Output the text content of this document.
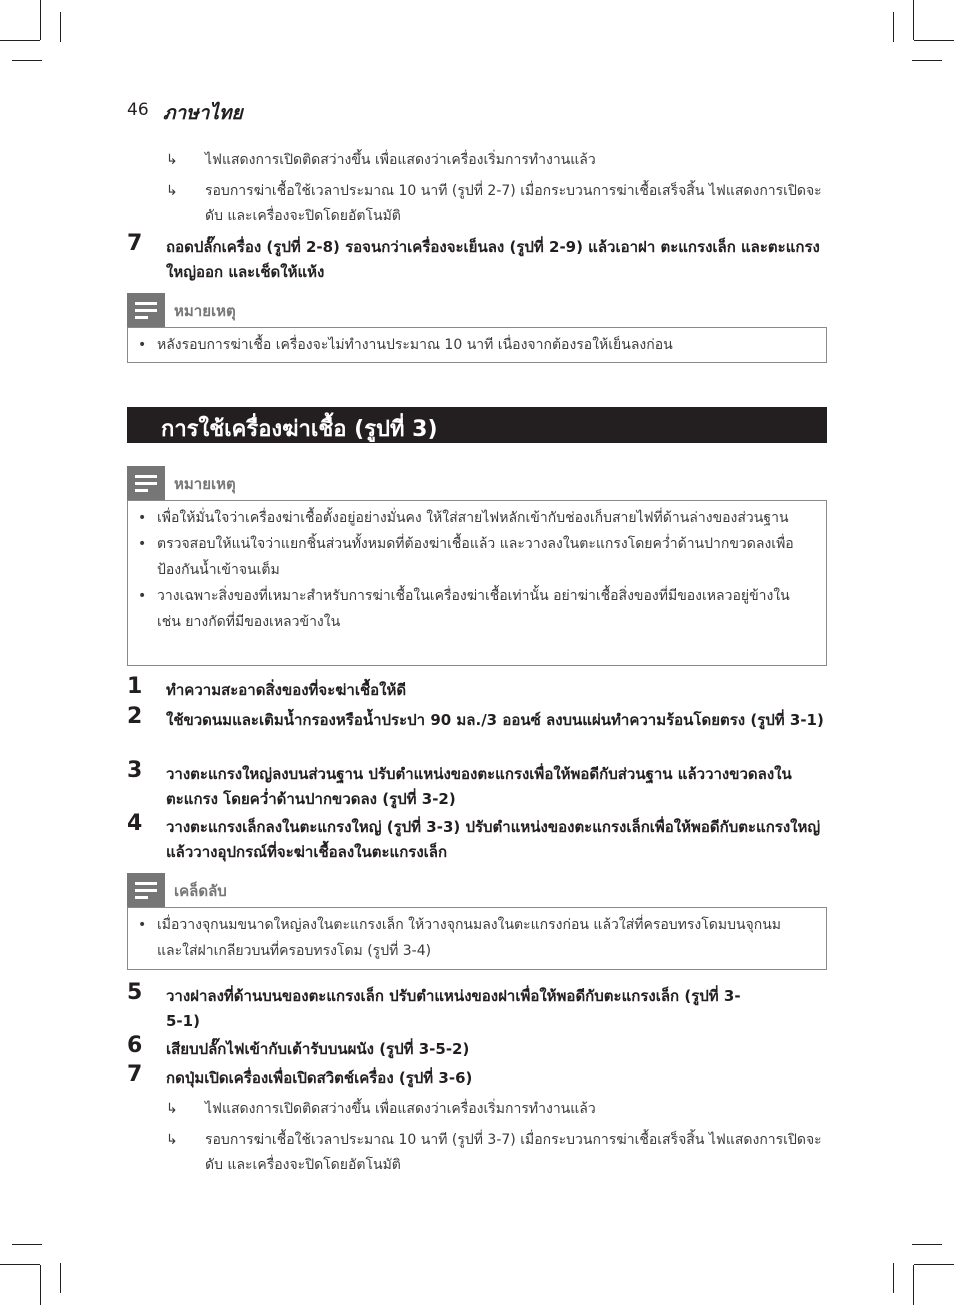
46 ภาษาไทย
↳	ไฟแสดงการเปิดติดสว่างขึ้น เพื่อแสดงว่าเครื่องเริ่มการทำงานแล้ว
↳	รอบการฆ่าเชื้อใช้เวลาประมาณ 10 นาที (รูปที่ 2-7) เมื่อกระบวนการฆ่าเชื้อเสร็จสิ้น ไฟแสดงการเปิดจะดับ และเครื่องจะปิดโดยอัตโนมัติ
7 ถอดปลั๊กเครื่อง (รูปที่ 2-8) รอจนกว่าเครื่องจะเย็นลง (รูปที่ 2-9) แล้วเอาฝา ตะแกรงเล็ก และตะแกรงใหญ่ออก และเช็ดให้แห้ง
หมายเหตุ
• หลังรอบการฆ่าเชื้อ เครื่องจะไม่ทำงานประมาณ 10 นาที เนื่องจากต้องรอให้เย็นลงก่อน
การใช้เครื่องฆ่าเชื้อ (รูปที่ 3)
หมายเหตุ
• เพื่อให้มั่นใจว่าเครื่องฆ่าเชื้อตั้งอยู่อย่างมั่นคง ให้ใส่สายไฟหลักเข้ากับช่องเก็บสายไฟที่ด้านล่างของส่วนฐาน
• ตรวจสอบให้แน่ใจว่าแยกชิ้นส่วนทั้งหมดที่ต้องฆ่าเชื้อแล้ว และวางลงในตะแกรงโดยคว่ำด้านปากขวดลงเพื่อป้องกันน้ำเข้าจนเต็ม
• วางเฉพาะสิ่งของที่เหมาะสำหรับการฆ่าเชื้อในเครื่องฆ่าเชื้อเท่านั้น อย่าฆ่าเชื้อสิ่งของที่มีของเหลวอยู่ข้างใน เช่น ยางกัดที่มีของเหลวข้างใน
1 ทำความสะอาดสิ่งของที่จะฆ่าเชื้อให้ดี
2 ใช้ขวดนมและเติมน้ำกรองหรือน้ำประปา 90 มล./3 ออนซ์ ลงบนแผ่นทำความร้อนโดยตรง (รูปที่ 3-1)
3 วางตะแกรงใหญ่ลงบนส่วนฐาน ปรับตำแหน่งของตะแกรงเพื่อให้พอดีกับส่วนฐาน แล้ววางขวดลงในตะแกรง โดยคว่ำด้านปากขวดลง (รูปที่ 3-2)
4 วางตะแกรงเล็กลงในตะแกรงใหญ่ (รูปที่ 3-3) ปรับตำแหน่งของตะแกรงเล็กเพื่อให้พอดีกับตะแกรงใหญ่ แล้ววางอุปกรณ์ที่จะฆ่าเชื้อลงในตะแกรงเล็ก
เคล็ดลับ
• เมื่อวางจุกนมขนาดใหญ่ลงในตะแกรงเล็ก ให้วางจุกนมลงในตะแกรงก่อน แล้วใส่ที่ครอบทรงโดมบนจุกนม และใส่ฝาเกลียวบนที่ครอบทรงโดม (รูปที่ 3-4)
5 วางฝาลงที่ด้านบนของตะแกรงเล็ก ปรับตำแหน่งของฝาเพื่อให้พอดีกับตะแกรงเล็ก (รูปที่ 3-5-1)
6 เสียบปลั๊กไฟเข้ากับเต้ารับบนผนัง (รูปที่ 3-5-2)
7 กดปุ่มเปิดเครื่องเพื่อเปิดสวิตช์เครื่อง (รูปที่ 3-6)
↳	ไฟแสดงการเปิดติดสว่างขึ้น เพื่อแสดงว่าเครื่องเริ่มการทำงานแล้ว
↳	รอบการฆ่าเชื้อใช้เวลาประมาณ 10 นาที (รูปที่ 3-7) เมื่อกระบวนการฆ่าเชื้อเสร็จสิ้น ไฟแสดงการเปิดจะดับ และเครื่องจะปิดโดยอัตโนมัติ
